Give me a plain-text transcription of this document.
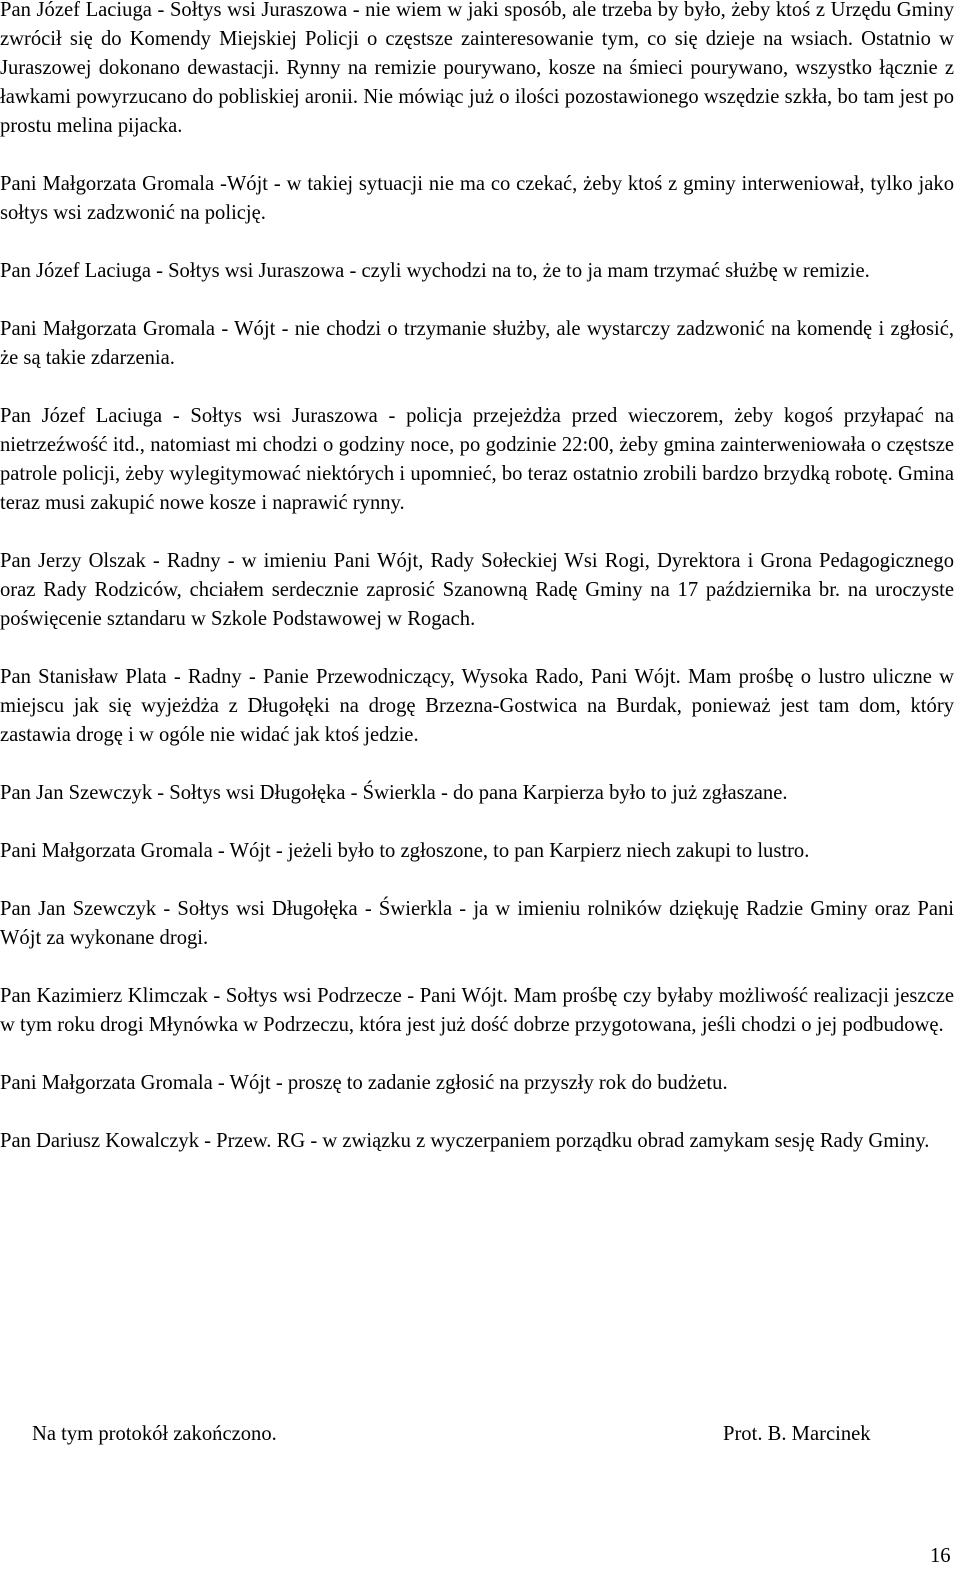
Pan Józef Laciuga - Sołtys wsi Juraszowa - nie wiem w jaki sposób, ale trzeba by było, żeby ktoś z Urzędu Gminy zwrócił się do Komendy Miejskiej Policji o częstsze zainteresowanie tym, co się dzieje na wsiach. Ostatnio w Juraszowej dokonano dewastacji. Rynny na remizie pourywano, kosze na śmieci pourywano, wszystko łącznie z ławkami powyrzucano do pobliskiej aronii. Nie mówiąc już o ilości pozostawionego wszędzie szkła, bo tam jest po prostu melina pijacka.

Pani Małgorzata Gromala -Wójt - w takiej sytuacji nie ma co czekać, żeby ktoś z gminy interweniował, tylko jako sołtys wsi zadzwonić na policję.

Pan Józef Laciuga - Sołtys wsi Juraszowa - czyli wychodzi na to, że to ja mam trzymać służbę w remizie.

Pani Małgorzata Gromala - Wójt - nie chodzi o trzymanie służby, ale wystarczy zadzwonić na komendę i zgłosić, że są takie zdarzenia.

Pan Józef Laciuga - Sołtys wsi Juraszowa - policja przejeżdża przed wieczorem, żeby kogoś przyłapać na nietrzeźwość itd., natomiast mi chodzi o godziny noce, po godzinie 22:00, żeby gmina zainterweniowała o częstsze patrole policji, żeby wylegitymować niektórych i upomnieć, bo teraz ostatnio zrobili bardzo brzydką robotę. Gmina teraz musi zakupić nowe kosze i naprawić rynny.

Pan Jerzy Olszak - Radny - w imieniu Pani Wójt, Rady Sołeckiej Wsi Rogi, Dyrektora i Grona Pedagogicznego oraz Rady Rodziców, chciałem serdecznie zaprosić Szanowną Radę Gminy na 17 października br. na uroczyste poświęcenie sztandaru w Szkole Podstawowej w Rogach.

Pan Stanisław Plata - Radny - Panie Przewodniczący, Wysoka Rado, Pani Wójt. Mam prośbę o lustro uliczne w miejscu jak się wyjeżdża z Długołęki na drogę Brzezna-Gostwica na Burdak, ponieważ jest tam dom, który zastawia drogę i w ogóle nie widać jak ktoś jedzie.

Pan Jan Szewczyk - Sołtys wsi Długołęka - Świerkla - do pana Karpierza było to już zgłaszane.

Pani Małgorzata Gromala - Wójt - jeżeli było to zgłoszone, to pan Karpierz niech zakupi to lustro.

Pan Jan Szewczyk - Sołtys wsi Długołęka - Świerkla - ja w imieniu rolników dziękuję Radzie Gminy oraz Pani Wójt za wykonane drogi.

Pan Kazimierz Klimczak - Sołtys wsi Podrzecze - Pani Wójt. Mam prośbę czy byłaby możliwość realizacji jeszcze w tym roku drogi Młynówka w Podrzeczu, która jest już dość dobrze przygotowana, jeśli chodzi o jej podbudowę.

Pani Małgorzata Gromala - Wójt - proszę to zadanie zgłosić na przyszły rok do budżetu.

Pan Dariusz Kowalczyk - Przew. RG - w związku z wyczerpaniem porządku obrad zamykam sesję Rady Gminy.

Na tym protokół zakończono.	Prot. B. Marcinek
16
